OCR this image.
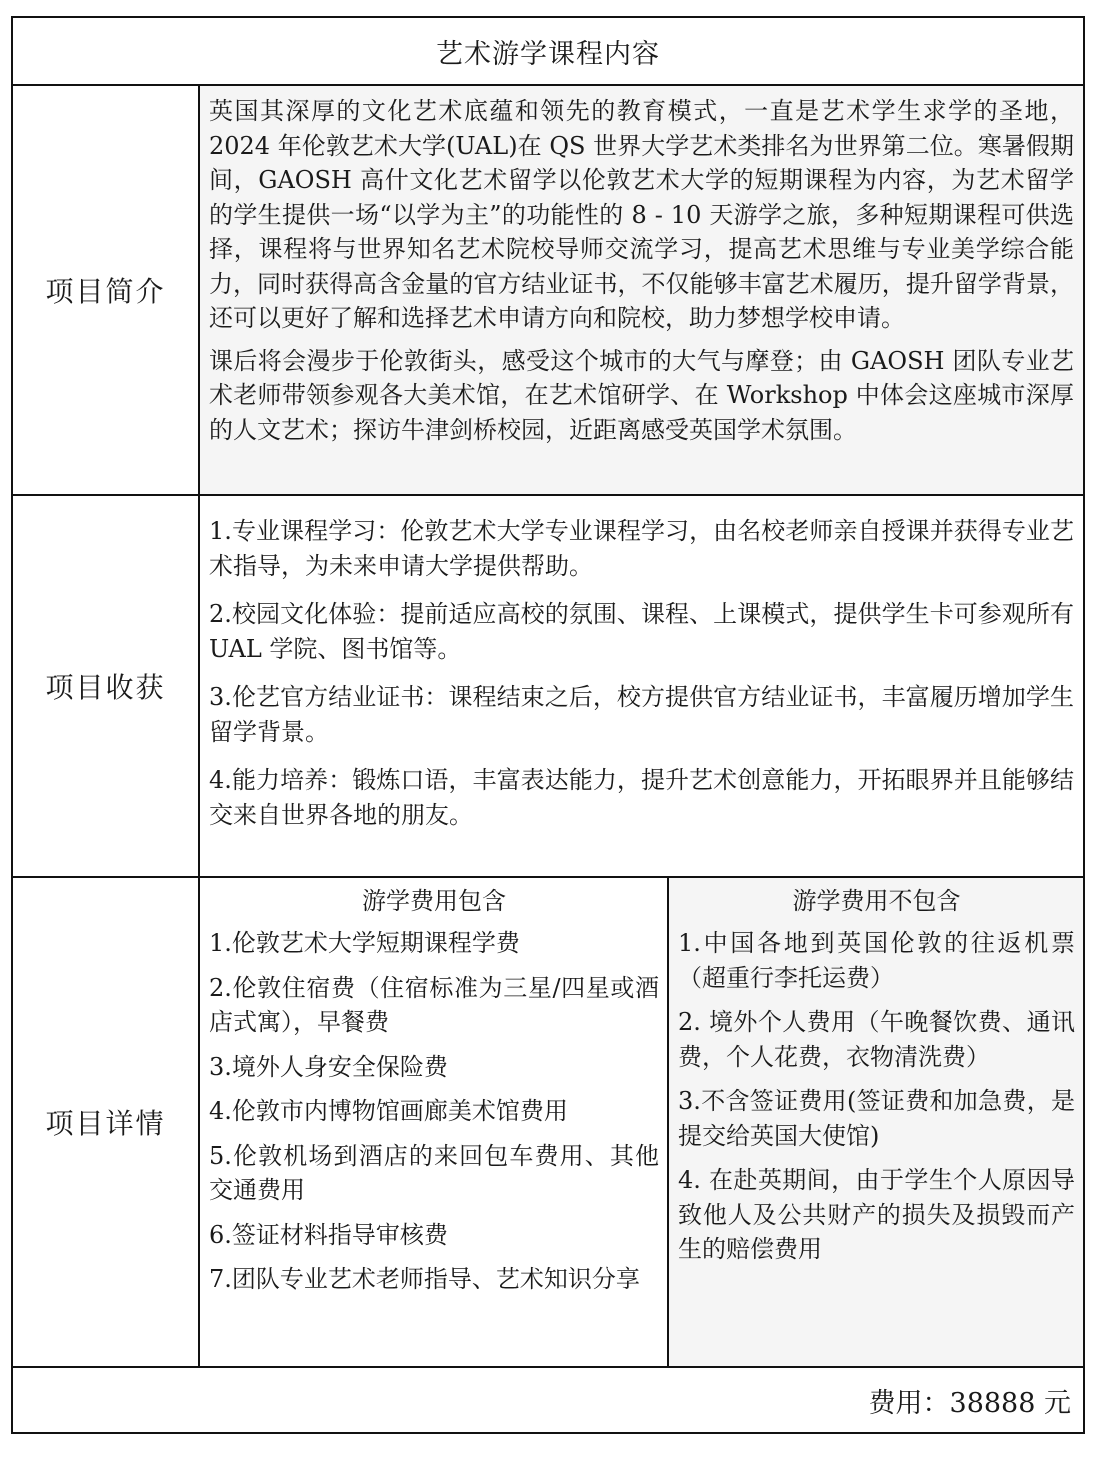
艺术游学课程内容
项目简介

英国其深厚的文化艺术底蕴和领先的教育模式，一直是艺术学生求学的圣地，2024 年伦敦艺术大学(UAL)在 QS 世界大学艺术类排名为世界第二位。寒暑假期间，GAOSH 高什文化艺术留学以伦敦艺术大学的短期课程为内容，为艺术留学的学生提供一场“以学为主”的功能性的 8 - 10 天游学之旅，多种短期课程可供选择，课程将与世界知名艺术院校导师交流学习，提高艺术思维与专业美学综合能力，同时获得高含金量的官方结业证书，不仅能够丰富艺术履历，提升留学背景，还可以更好了解和选择艺术申请方向和院校，助力梦想学校申请。

课后将会漫步于伦敦街头，感受这个城市的大气与摩登；由 GAOSH 团队专业艺术老师带领参观各大美术馆，在艺术馆研学、在 Workshop 中体会这座城市深厚的人文艺术；探访牛津剑桥校园，近距离感受英国学术氛围。

项目收获

1.专业课程学习：伦敦艺术大学专业课程学习，由名校老师亲自授课并获得专业艺术指导，为未来申请大学提供帮助。

2.校园文化体验：提前适应高校的氛围、课程、上课模式，提供学生卡可参观所有 UAL 学院、图书馆等。

3.伦艺官方结业证书：课程结束之后，校方提供官方结业证书，丰富履历增加学生留学背景。

4.能力培养：锻炼口语，丰富表达能力，提升艺术创意能力，开拓眼界并且能够结交来自世界各地的朋友。

项目详情
游学费用包含

1.伦敦艺术大学短期课程学费

2.伦敦住宿费（住宿标准为三星/四星或酒店式寓），早餐费

3.境外人身安全保险费

4.伦敦市内博物馆画廊美术馆费用

5.伦敦机场到酒店的来回包车费用、其他交通费用

6.签证材料指导审核费

7.团队专业艺术老师指导、艺术知识分享

游学费用不包含

1.中国各地到英国伦敦的往返机票（超重行李托运费）

2. 境外个人费用（午晚餐饮费、通讯费，个人花费，衣物清洗费）

3.不含签证费用(签证费和加急费，是提交给英国大使馆)

4. 在赴英期间，由于学生个人原因导致他人及公共财产的损失及损毁而产生的赔偿费用

费用：38888 元
